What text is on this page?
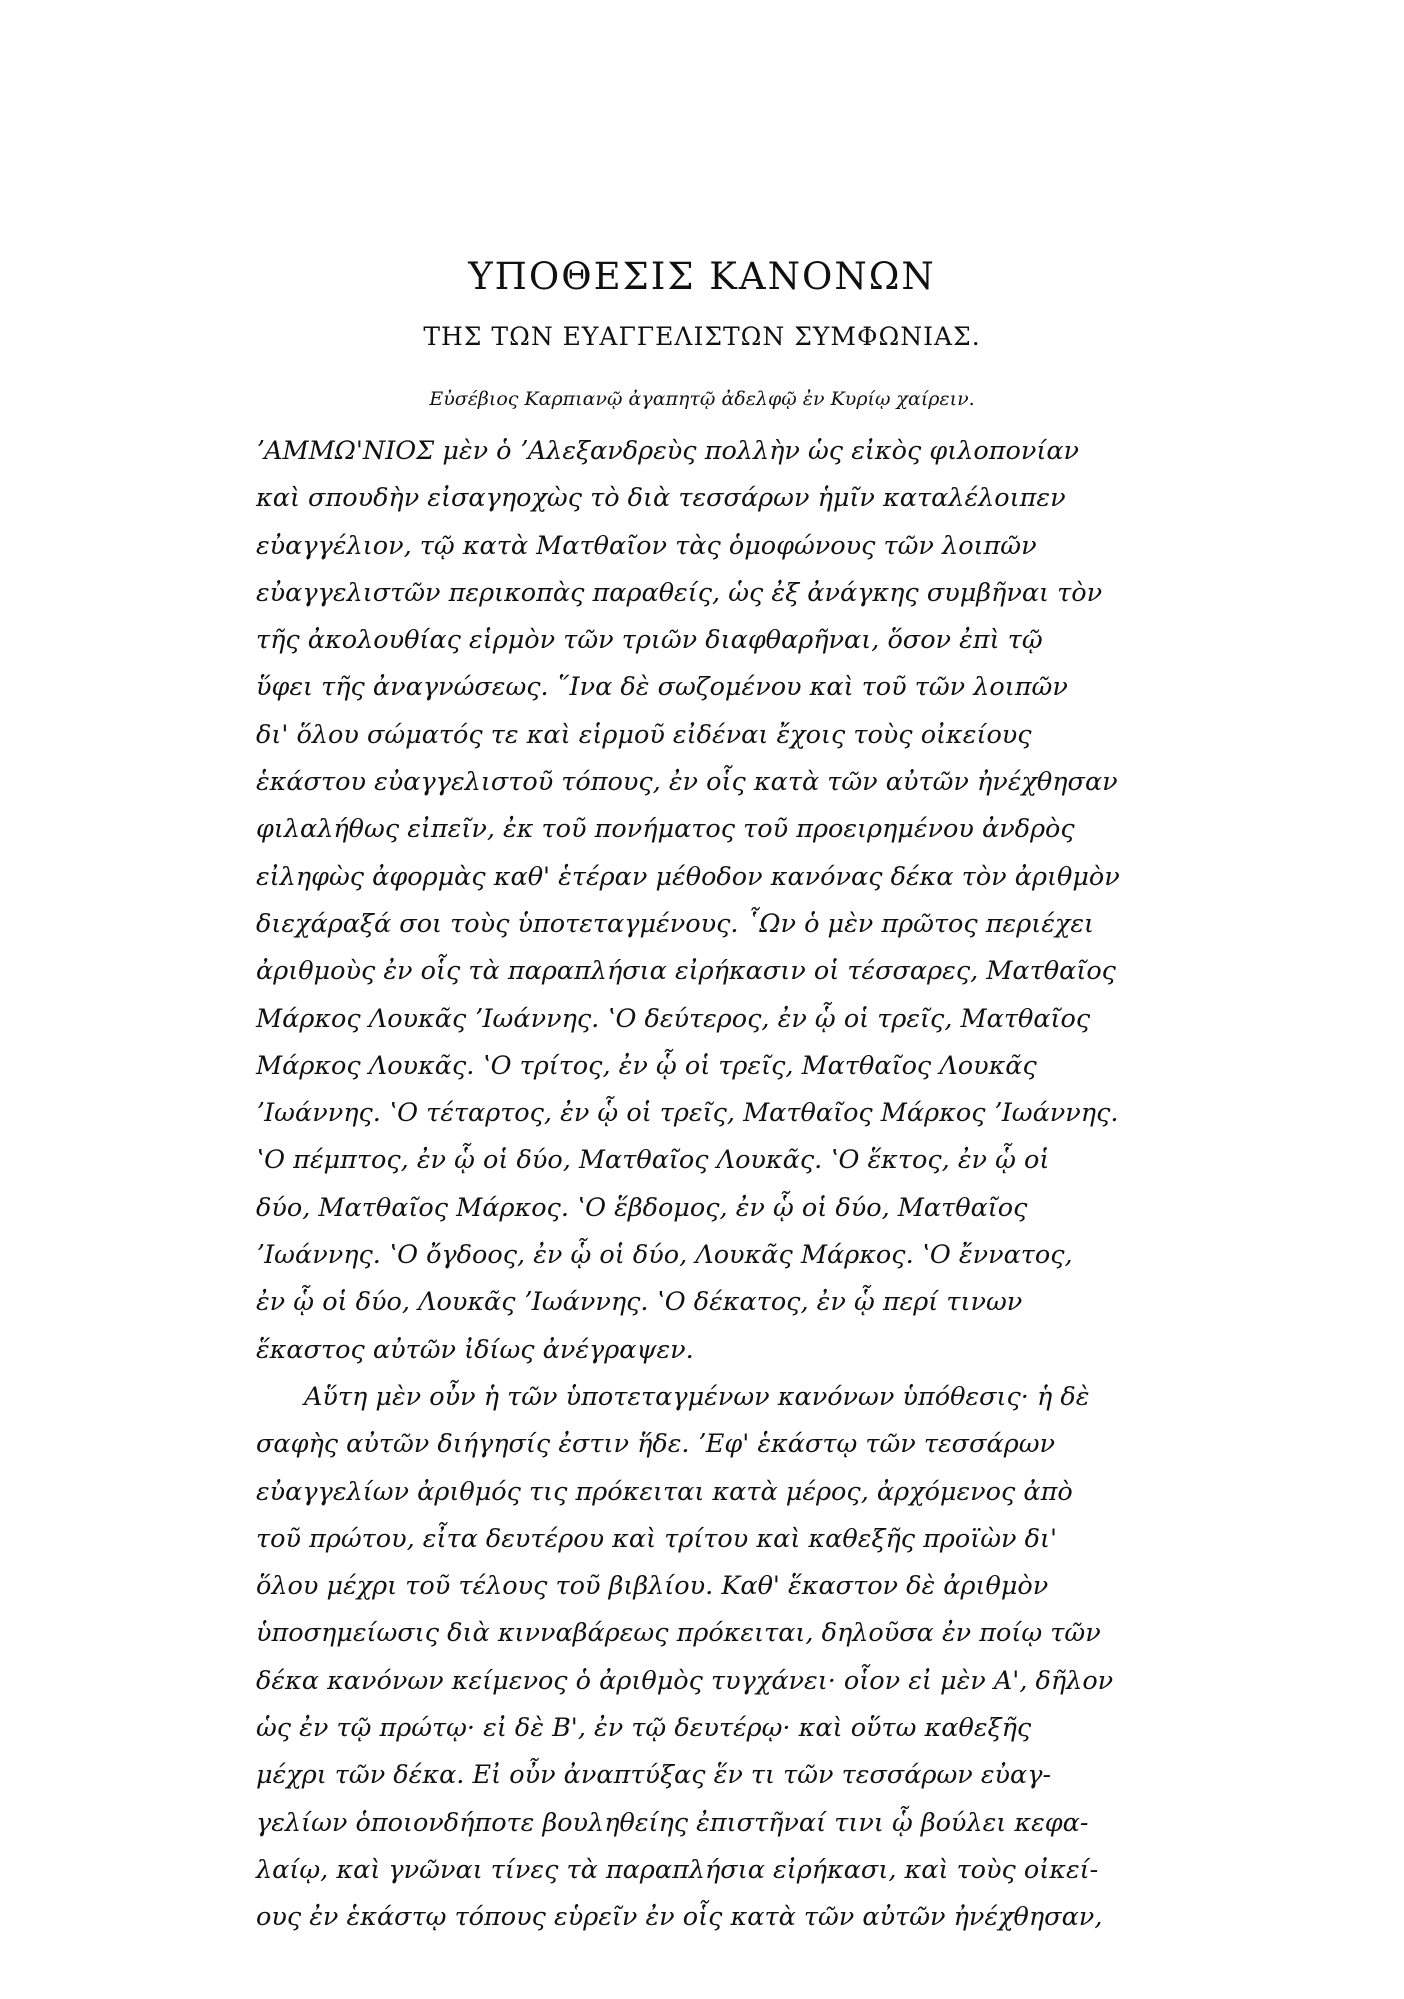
ΥΠΟΘΕΣΙΣ ΚΑΝΟΝΩΝ
ΤΗΣ ΤΩΝ ΕΥΑΓΓΕΛΙΣΤΩΝ ΣΥΜΦΩΝΙΑΣ.
Εὐσέβιος Καρπιανῷ ἀγαπητῷ ἀδελφῷ ἐν Κυρίῳ χαίρειν.
ʼΑΜΜΩ'ΝΙΟΣ μὲν ὁ ʼΑλεξανδρεὺς πολλὴν ὡς εἰκὸς φιλοπονίαν
καὶ σπουδὴν εἰσαγηοχὼς τὸ διὰ τεσσάρων ἡμῖν καταλέλοιπεν
εὐαγγέλιον, τῷ κατὰ Ματθαῖον τὰς ὁμοφώνους τῶν λοιπῶν
εὐαγγελιστῶν περικοπὰς παραθείς, ὡς ἐξ ἀνάγκης συμβῆναι τὸν
τῆς ἀκολουθίας εἱρμὸν τῶν τριῶν διαφθαρῆναι, ὅσον ἐπὶ τῷ
ὕφει τῆς ἀναγνώσεως. ῞Ινα δὲ σωζομένου καὶ τοῦ τῶν λοιπῶν
δι' ὅλου σώματός τε καὶ εἱρμοῦ εἰδέναι ἔχοις τοὺς οἰκείους
ἑκάστου εὐαγγελιστοῦ τόπους, ἐν οἷς κατὰ τῶν αὐτῶν ἠνέχθησαν
φιλαλήθως εἰπεῖν, ἐκ τοῦ πονήματος τοῦ προειρημένου ἀνδρὸς
εἰληφὼς ἀφορμὰς καθ' ἑτέραν μέθοδον κανόνας δέκα τὸν ἀριθμὸν
διεχάραξά σοι τοὺς ὑποτεταγμένους. ῟Ων ὁ μὲν πρῶτος περιέχει
ἀριθμοὺς ἐν οἷς τὰ παραπλήσια εἰρήκασιν οἱ τέσσαρες, Ματθαῖος
Μάρκος Λουκᾶς ʼΙωάννης. ʽΟ δεύτερος, ἐν ᾧ οἱ τρεῖς, Ματθαῖος
Μάρκος Λουκᾶς. ʽΟ τρίτος, ἐν ᾧ οἱ τρεῖς, Ματθαῖος Λουκᾶς
ʼΙωάννης. ʽΟ τέταρτος, ἐν ᾧ οἱ τρεῖς, Ματθαῖος Μάρκος ʼΙωάννης.
ʽΟ πέμπτος, ἐν ᾧ οἱ δύο, Ματθαῖος Λουκᾶς. ʽΟ ἕκτος, ἐν ᾧ οἱ
δύο, Ματθαῖος Μάρκος. ʽΟ ἕβδομος, ἐν ᾧ οἱ δύο, Ματθαῖος
ʼΙωάννης. ʽΟ ὄγδοος, ἐν ᾧ οἱ δύο, Λουκᾶς Μάρκος. ʽΟ ἔννατος,
ἐν ᾧ οἱ δύο, Λουκᾶς ʼΙωάννης. ʽΟ δέκατος, ἐν ᾧ περί τινων
ἕκαστος αὐτῶν ἰδίως ἀνέγραψεν.
Αὕτη μὲν οὖν ἡ τῶν ὑποτεταγμένων κανόνων ὑπόθεσις· ἡ δὲ
σαφὴς αὐτῶν διήγησίς ἐστιν ἥδε. ʼΕφ' ἑκάστῳ τῶν τεσσάρων
εὐαγγελίων ἀριθμός τις πρόκειται κατὰ μέρος, ἀρχόμενος ἀπὸ
τοῦ πρώτου, εἶτα δευτέρου καὶ τρίτου καὶ καθεξῆς προϊὼν δι'
ὅλου μέχρι τοῦ τέλους τοῦ βιβλίου. Καθ' ἕκαστον δὲ ἀριθμὸν
ὑποσημείωσις διὰ κινναβάρεως πρόκειται, δηλοῦσα ἐν ποίῳ τῶν
δέκα κανόνων κείμενος ὁ ἀριθμὸς τυγχάνει· οἷον εἰ μὲν Α', δῆλον
ὡς ἐν τῷ πρώτῳ· εἰ δὲ Β', ἐν τῷ δευτέρῳ· καὶ οὕτω καθεξῆς
μέχρι τῶν δέκα. Εἰ οὖν ἀναπτύξας ἕν τι τῶν τεσσάρων εὐαγ-
γελίων ὁποιονδήποτε βουληθείης ἐπιστῆναί τινι ᾧ βούλει κεφα-
λαίῳ, καὶ γνῶναι τίνες τὰ παραπλήσια εἰρήκασι, καὶ τοὺς οἰκεί-
ους ἐν ἑκάστῳ τόπους εὑρεῖν ἐν οἷς κατὰ τῶν αὐτῶν ἠνέχθησαν,
